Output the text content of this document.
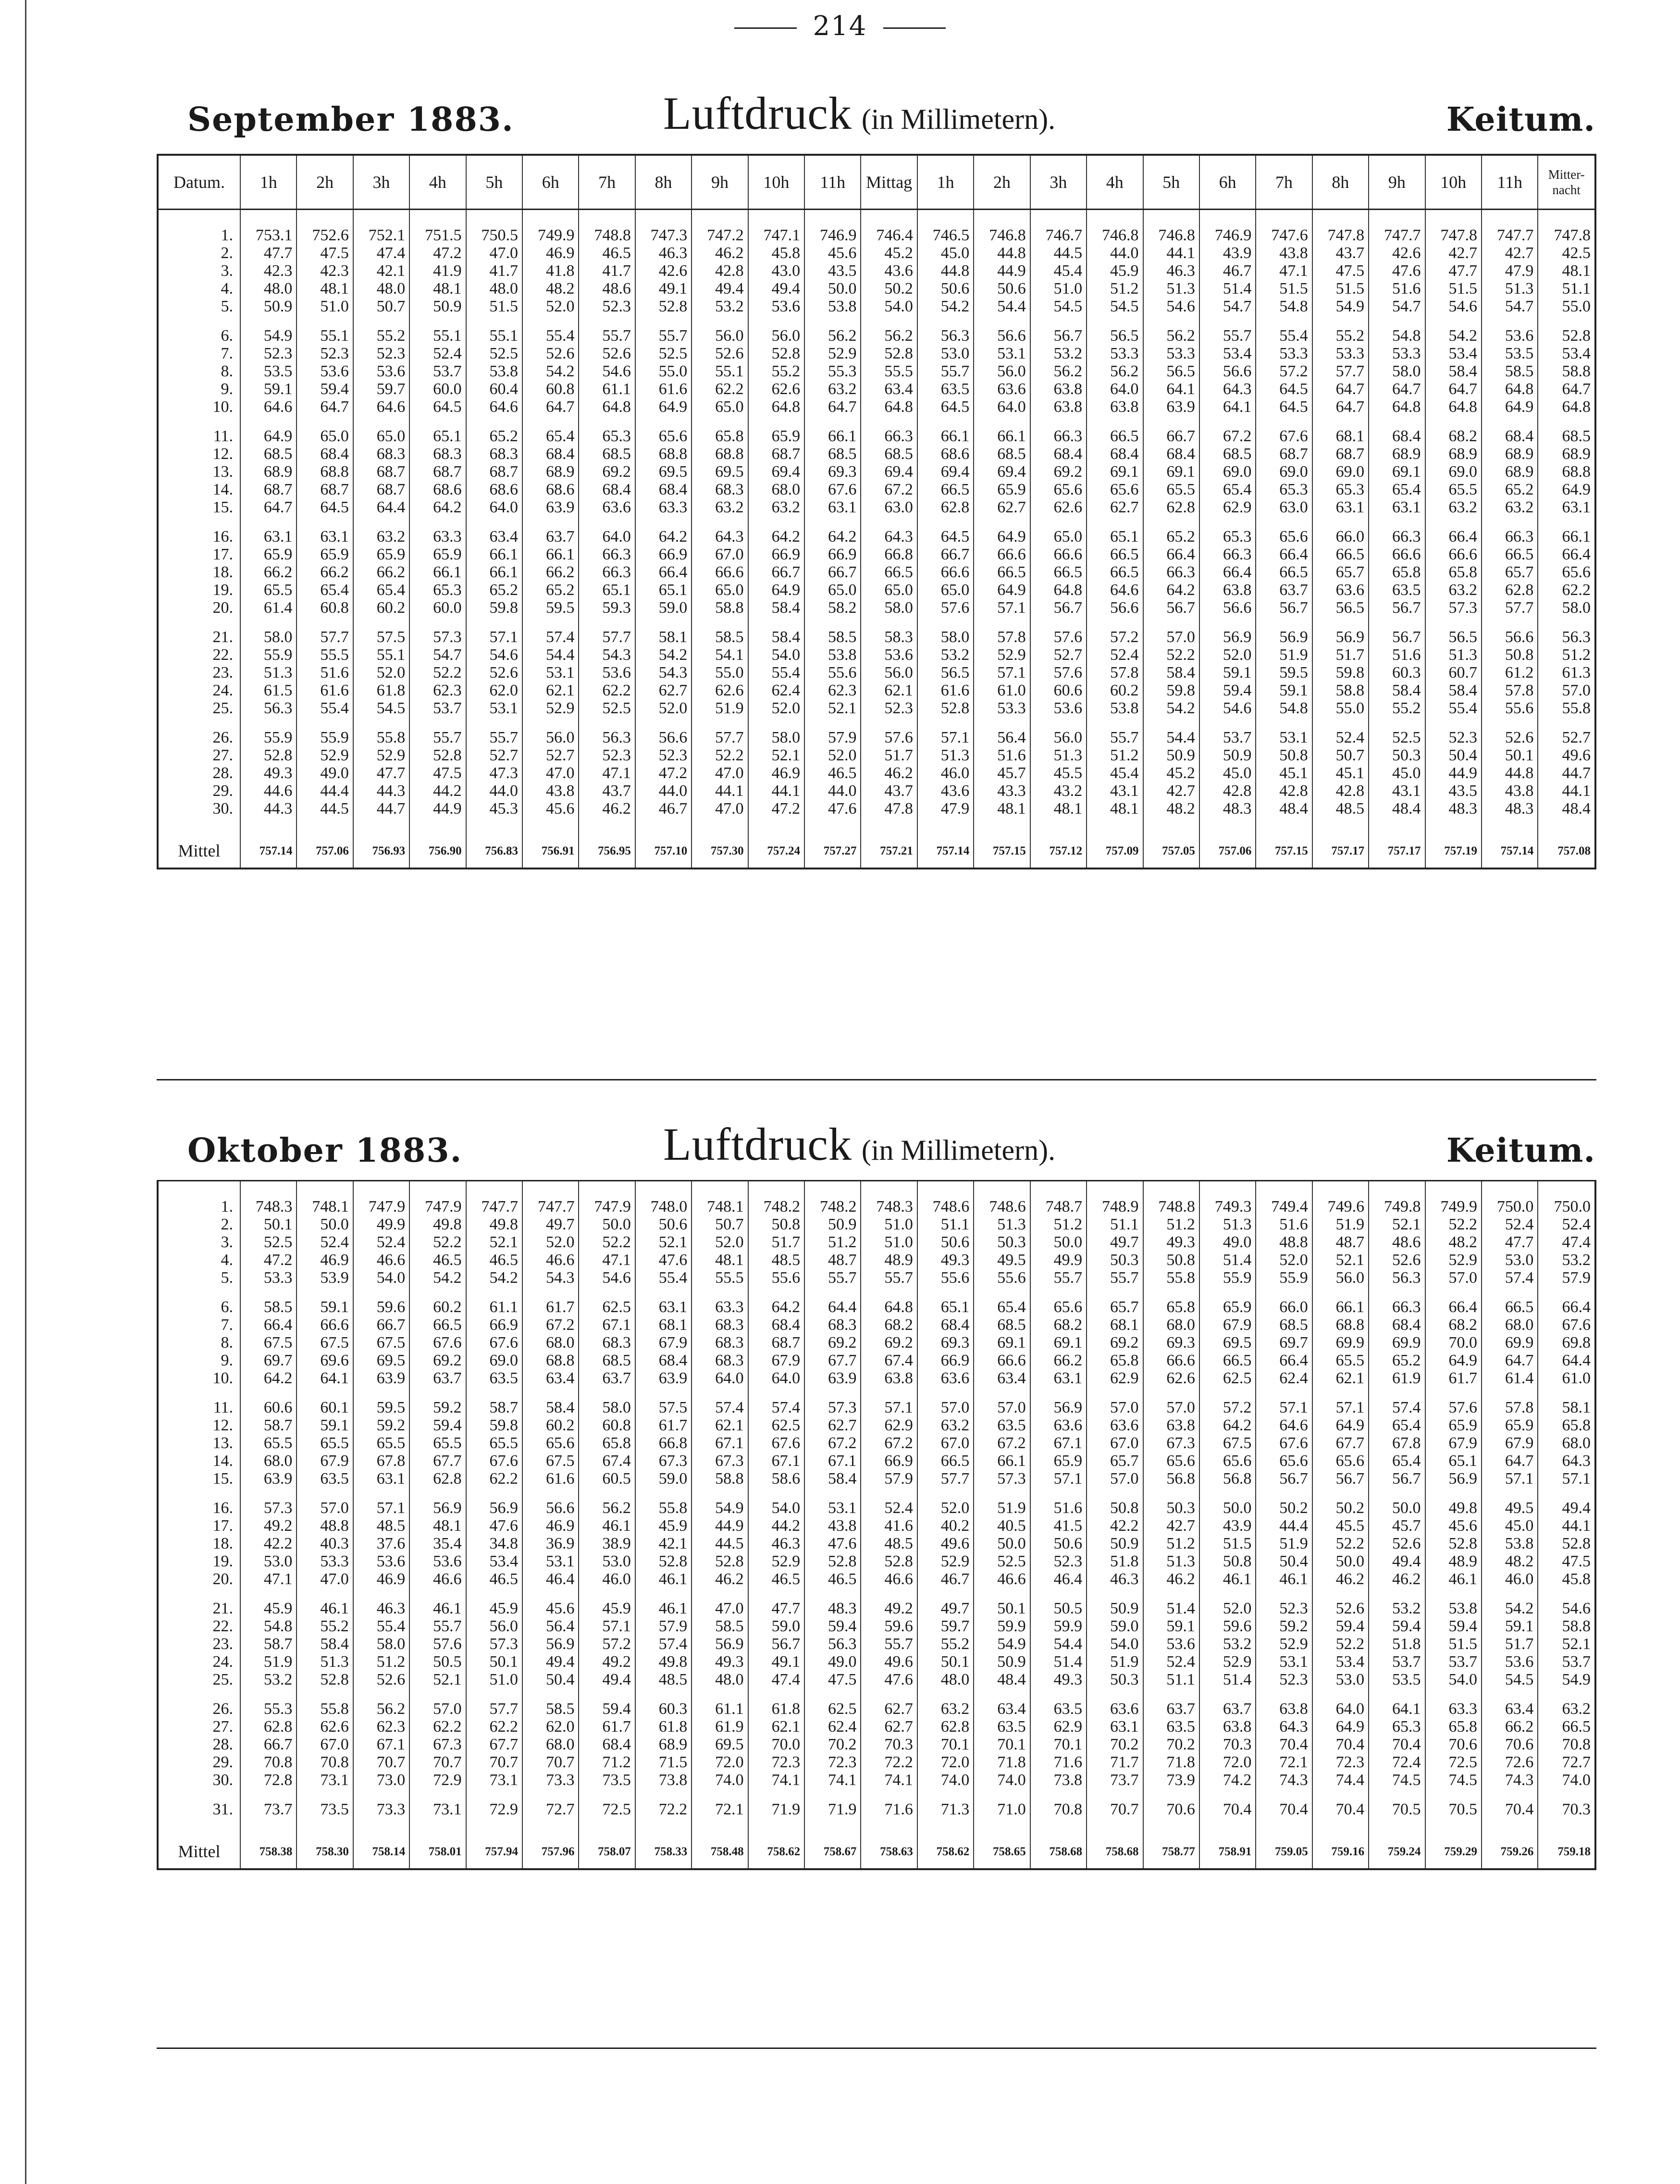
214
September 1883.	Luftdruck (in Millimetern).	Keitum.
Datum.	1h	2h	3h	4h	5h	6h	7h	8h	9h	10h	11h	Mittag	1h	2h	3h	4h	5h	6h	7h	8h	9h	10h	11h	Mitter-nacht

1.	753.1	752.6	752.1	751.5	750.5	749.9	748.8	747.3	747.2	747.1	746.9	746.4	746.5	746.8	746.7	746.8	746.8	746.9	747.6	747.8	747.7	747.8	747.7	747.8
2.	47.7	47.5	47.4	47.2	47.0	46.9	46.5	46.3	46.2	45.8	45.6	45.2	45.0	44.8	44.5	44.0	44.1	43.9	43.8	43.7	42.6	42.7	42.7	42.5
3.	42.3	42.3	42.1	41.9	41.7	41.8	41.7	42.6	42.8	43.0	43.5	43.6	44.8	44.9	45.4	45.9	46.3	46.7	47.1	47.5	47.6	47.7	47.9	48.1
4.	48.0	48.1	48.0	48.1	48.0	48.2	48.6	49.1	49.4	49.4	50.0	50.2	50.6	50.6	51.0	51.2	51.3	51.4	51.5	51.5	51.6	51.5	51.3	51.1
5.	50.9	51.0	50.7	50.9	51.5	52.0	52.3	52.8	53.2	53.6	53.8	54.0	54.2	54.4	54.5	54.5	54.6	54.7	54.8	54.9	54.7	54.6	54.7	55.0

6.	54.9	55.1	55.2	55.1	55.1	55.4	55.7	55.7	56.0	56.0	56.2	56.2	56.3	56.6	56.7	56.5	56.2	55.7	55.4	55.2	54.8	54.2	53.6	52.8
7.	52.3	52.3	52.3	52.4	52.5	52.6	52.6	52.5	52.6	52.8	52.9	52.8	53.0	53.1	53.2	53.3	53.3	53.4	53.3	53.3	53.3	53.4	53.5	53.4
8.	53.5	53.6	53.6	53.7	53.8	54.2	54.6	55.0	55.1	55.2	55.3	55.5	55.7	56.0	56.2	56.2	56.5	56.6	57.2	57.7	58.0	58.4	58.5	58.8
9.	59.1	59.4	59.7	60.0	60.4	60.8	61.1	61.6	62.2	62.6	63.2	63.4	63.5	63.6	63.8	64.0	64.1	64.3	64.5	64.7	64.7	64.7	64.8	64.7
10.	64.6	64.7	64.6	64.5	64.6	64.7	64.8	64.9	65.0	64.8	64.7	64.8	64.5	64.0	63.8	63.8	63.9	64.1	64.5	64.7	64.8	64.8	64.9	64.8

11.	64.9	65.0	65.0	65.1	65.2	65.4	65.3	65.6	65.8	65.9	66.1	66.3	66.1	66.1	66.3	66.5	66.7	67.2	67.6	68.1	68.4	68.2	68.4	68.5
12.	68.5	68.4	68.3	68.3	68.3	68.4	68.5	68.8	68.8	68.7	68.5	68.5	68.6	68.5	68.4	68.4	68.4	68.5	68.7	68.7	68.9	68.9	68.9	68.9
13.	68.9	68.8	68.7	68.7	68.7	68.9	69.2	69.5	69.5	69.4	69.3	69.4	69.4	69.4	69.2	69.1	69.1	69.0	69.0	69.0	69.1	69.0	68.9	68.8
14.	68.7	68.7	68.7	68.6	68.6	68.6	68.4	68.4	68.3	68.0	67.6	67.2	66.5	65.9	65.6	65.6	65.5	65.4	65.3	65.3	65.4	65.5	65.2	64.9
15.	64.7	64.5	64.4	64.2	64.0	63.9	63.6	63.3	63.2	63.2	63.1	63.0	62.8	62.7	62.6	62.7	62.8	62.9	63.0	63.1	63.1	63.2	63.2	63.1

16.	63.1	63.1	63.2	63.3	63.4	63.7	64.0	64.2	64.3	64.2	64.2	64.3	64.5	64.9	65.0	65.1	65.2	65.3	65.6	66.0	66.3	66.4	66.3	66.1
17.	65.9	65.9	65.9	65.9	66.1	66.1	66.3	66.9	67.0	66.9	66.9	66.8	66.7	66.6	66.6	66.5	66.4	66.3	66.4	66.5	66.6	66.6	66.5	66.4
18.	66.2	66.2	66.2	66.1	66.1	66.2	66.3	66.4	66.6	66.7	66.7	66.5	66.6	66.5	66.5	66.5	66.3	66.4	66.5	65.7	65.8	65.8	65.7	65.6
19.	65.5	65.4	65.4	65.3	65.2	65.2	65.1	65.1	65.0	64.9	65.0	65.0	65.0	64.9	64.8	64.6	64.2	63.8	63.7	63.6	63.5	63.2	62.8	62.2
20.	61.4	60.8	60.2	60.0	59.8	59.5	59.3	59.0	58.8	58.4	58.2	58.0	57.6	57.1	56.7	56.6	56.7	56.6	56.7	56.5	56.7	57.3	57.7	58.0

21.	58.0	57.7	57.5	57.3	57.1	57.4	57.7	58.1	58.5	58.4	58.5	58.3	58.0	57.8	57.6	57.2	57.0	56.9	56.9	56.9	56.7	56.5	56.6	56.3
22.	55.9	55.5	55.1	54.7	54.6	54.4	54.3	54.2	54.1	54.0	53.8	53.6	53.2	52.9	52.7	52.4	52.2	52.0	51.9	51.7	51.6	51.3	50.8	51.2
23.	51.3	51.6	52.0	52.2	52.6	53.1	53.6	54.3	55.0	55.4	55.6	56.0	56.5	57.1	57.6	57.8	58.4	59.1	59.5	59.8	60.3	60.7	61.2	61.3
24.	61.5	61.6	61.8	62.3	62.0	62.1	62.2	62.7	62.6	62.4	62.3	62.1	61.6	61.0	60.6	60.2	59.8	59.4	59.1	58.8	58.4	58.4	57.8	57.0
25.	56.3	55.4	54.5	53.7	53.1	52.9	52.5	52.0	51.9	52.0	52.1	52.3	52.8	53.3	53.6	53.8	54.2	54.6	54.8	55.0	55.2	55.4	55.6	55.8

26.	55.9	55.9	55.8	55.7	55.7	56.0	56.3	56.6	57.7	58.0	57.9	57.6	57.1	56.4	56.0	55.7	54.4	53.7	53.1	52.4	52.5	52.3	52.6	52.7
27.	52.8	52.9	52.9	52.8	52.7	52.7	52.3	52.3	52.2	52.1	52.0	51.7	51.3	51.6	51.3	51.2	50.9	50.9	50.8	50.7	50.3	50.4	50.1	49.6
28.	49.3	49.0	47.7	47.5	47.3	47.0	47.1	47.2	47.0	46.9	46.5	46.2	46.0	45.7	45.5	45.4	45.2	45.0	45.1	45.1	45.0	44.9	44.8	44.7
29.	44.6	44.4	44.3	44.2	44.0	43.8	43.7	44.0	44.1	44.1	44.0	43.7	43.6	43.3	43.2	43.1	42.7	42.8	42.8	42.8	43.1	43.5	43.8	44.1
30.	44.3	44.5	44.7	44.9	45.3	45.6	46.2	46.7	47.0	47.2	47.6	47.8	47.9	48.1	48.1	48.1	48.2	48.3	48.4	48.5	48.4	48.3	48.3	48.4

Mittel	757.14	757.06	756.93	756.90	756.83	756.91	756.95	757.10	757.30	757.24	757.27	757.21	757.14	757.15	757.12	757.09	757.05	757.06	757.15	757.17	757.17	757.19	757.14	757.08
Oktober 1883.	Luftdruck (in Millimetern).	Keitum.

1.	748.3	748.1	747.9	747.9	747.7	747.7	747.9	748.0	748.1	748.2	748.2	748.3	748.6	748.6	748.7	748.9	748.8	749.3	749.4	749.6	749.8	749.9	750.0	750.0
2.	50.1	50.0	49.9	49.8	49.8	49.7	50.0	50.6	50.7	50.8	50.9	51.0	51.1	51.3	51.2	51.1	51.2	51.3	51.6	51.9	52.1	52.2	52.4	52.4
3.	52.5	52.4	52.4	52.2	52.1	52.0	52.2	52.1	52.0	51.7	51.2	51.0	50.6	50.3	50.0	49.7	49.3	49.0	48.8	48.7	48.6	48.2	47.7	47.4
4.	47.2	46.9	46.6	46.5	46.5	46.6	47.1	47.6	48.1	48.5	48.7	48.9	49.3	49.5	49.9	50.3	50.8	51.4	52.0	52.1	52.6	52.9	53.0	53.2
5.	53.3	53.9	54.0	54.2	54.2	54.3	54.6	55.4	55.5	55.6	55.7	55.7	55.6	55.6	55.7	55.7	55.8	55.9	55.9	56.0	56.3	57.0	57.4	57.9

6.	58.5	59.1	59.6	60.2	61.1	61.7	62.5	63.1	63.3	64.2	64.4	64.8	65.1	65.4	65.6	65.7	65.8	65.9	66.0	66.1	66.3	66.4	66.5	66.4
7.	66.4	66.6	66.7	66.5	66.9	67.2	67.1	68.1	68.3	68.4	68.3	68.2	68.4	68.5	68.2	68.1	68.0	67.9	68.5	68.8	68.4	68.2	68.0	67.6
8.	67.5	67.5	67.5	67.6	67.6	68.0	68.3	67.9	68.3	68.7	69.2	69.2	69.3	69.1	69.1	69.2	69.3	69.5	69.7	69.9	69.9	70.0	69.9	69.8
9.	69.7	69.6	69.5	69.2	69.0	68.8	68.5	68.4	68.3	67.9	67.7	67.4	66.9	66.6	66.2	65.8	66.6	66.5	66.4	65.5	65.2	64.9	64.7	64.4
10.	64.2	64.1	63.9	63.7	63.5	63.4	63.7	63.9	64.0	64.0	63.9	63.8	63.6	63.4	63.1	62.9	62.6	62.5	62.4	62.1	61.9	61.7	61.4	61.0

11.	60.6	60.1	59.5	59.2	58.7	58.4	58.0	57.5	57.4	57.4	57.3	57.1	57.0	57.0	56.9	57.0	57.0	57.2	57.1	57.1	57.4	57.6	57.8	58.1
12.	58.7	59.1	59.2	59.4	59.8	60.2	60.8	61.7	62.1	62.5	62.7	62.9	63.2	63.5	63.6	63.6	63.8	64.2	64.6	64.9	65.4	65.9	65.9	65.8
13.	65.5	65.5	65.5	65.5	65.5	65.6	65.8	66.8	67.1	67.6	67.2	67.2	67.0	67.2	67.1	67.0	67.3	67.5	67.6	67.7	67.8	67.9	67.9	68.0
14.	68.0	67.9	67.8	67.7	67.6	67.5	67.4	67.3	67.3	67.1	67.1	66.9	66.5	66.1	65.9	65.7	65.6	65.6	65.6	65.6	65.4	65.1	64.7	64.3
15.	63.9	63.5	63.1	62.8	62.2	61.6	60.5	59.0	58.8	58.6	58.4	57.9	57.7	57.3	57.1	57.0	56.8	56.8	56.7	56.7	56.7	56.9	57.1	57.1

16.	57.3	57.0	57.1	56.9	56.9	56.6	56.2	55.8	54.9	54.0	53.1	52.4	52.0	51.9	51.6	50.8	50.3	50.0	50.2	50.2	50.0	49.8	49.5	49.4
17.	49.2	48.8	48.5	48.1	47.6	46.9	46.1	45.9	44.9	44.2	43.8	41.6	40.2	40.5	41.5	42.2	42.7	43.9	44.4	45.5	45.7	45.6	45.0	44.1
18.	42.2	40.3	37.6	35.4	34.8	36.9	38.9	42.1	44.5	46.3	47.6	48.5	49.6	50.0	50.6	50.9	51.2	51.5	51.9	52.2	52.6	52.8	53.8	52.8
19.	53.0	53.3	53.6	53.6	53.4	53.1	53.0	52.8	52.8	52.9	52.8	52.8	52.9	52.5	52.3	51.8	51.3	50.8	50.4	50.0	49.4	48.9	48.2	47.5
20.	47.1	47.0	46.9	46.6	46.5	46.4	46.0	46.1	46.2	46.5	46.5	46.6	46.7	46.6	46.4	46.3	46.2	46.1	46.1	46.2	46.2	46.1	46.0	45.8

21.	45.9	46.1	46.3	46.1	45.9	45.6	45.9	46.1	47.0	47.7	48.3	49.2	49.7	50.1	50.5	50.9	51.4	52.0	52.3	52.6	53.2	53.8	54.2	54.6
22.	54.8	55.2	55.4	55.7	56.0	56.4	57.1	57.9	58.5	59.0	59.4	59.6	59.7	59.9	59.9	59.0	59.1	59.6	59.2	59.4	59.4	59.4	59.1	58.8
23.	58.7	58.4	58.0	57.6	57.3	56.9	57.2	57.4	56.9	56.7	56.3	55.7	55.2	54.9	54.4	54.0	53.6	53.2	52.9	52.2	51.8	51.5	51.7	52.1
24.	51.9	51.3	51.2	50.5	50.1	49.4	49.2	49.8	49.3	49.1	49.0	49.6	50.1	50.9	51.4	51.9	52.4	52.9	53.1	53.4	53.7	53.7	53.6	53.7
25.	53.2	52.8	52.6	52.1	51.0	50.4	49.4	48.5	48.0	47.4	47.5	47.6	48.0	48.4	49.3	50.3	51.1	51.4	52.3	53.0	53.5	54.0	54.5	54.9

26.	55.3	55.8	56.2	57.0	57.7	58.5	59.4	60.3	61.1	61.8	62.5	62.7	63.2	63.4	63.5	63.6	63.7	63.7	63.8	64.0	64.1	63.3	63.4	63.2
27.	62.8	62.6	62.3	62.2	62.2	62.0	61.7	61.8	61.9	62.1	62.4	62.7	62.8	63.5	62.9	63.1	63.5	63.8	64.3	64.9	65.3	65.8	66.2	66.5
28.	66.7	67.0	67.1	67.3	67.7	68.0	68.4	68.9	69.5	70.0	70.2	70.3	70.1	70.1	70.1	70.2	70.2	70.3	70.4	70.4	70.4	70.6	70.6	70.8
29.	70.8	70.8	70.7	70.7	70.7	70.7	71.2	71.5	72.0	72.3	72.3	72.2	72.0	71.8	71.6	71.7	71.8	72.0	72.1	72.3	72.4	72.5	72.6	72.7
30.	72.8	73.1	73.0	72.9	73.1	73.3	73.5	73.8	74.0	74.1	74.1	74.1	74.0	74.0	73.8	73.7	73.9	74.2	74.3	74.4	74.5	74.5	74.3	74.0

31.	73.7	73.5	73.3	73.1	72.9	72.7	72.5	72.2	72.1	71.9	71.9	71.6	71.3	71.0	70.8	70.7	70.6	70.4	70.4	70.4	70.5	70.5	70.4	70.3

Mittel	758.38	758.30	758.14	758.01	757.94	757.96	758.07	758.33	758.48	758.62	758.67	758.63	758.62	758.65	758.68	758.68	758.77	758.91	759.05	759.16	759.24	759.29	759.26	759.18
